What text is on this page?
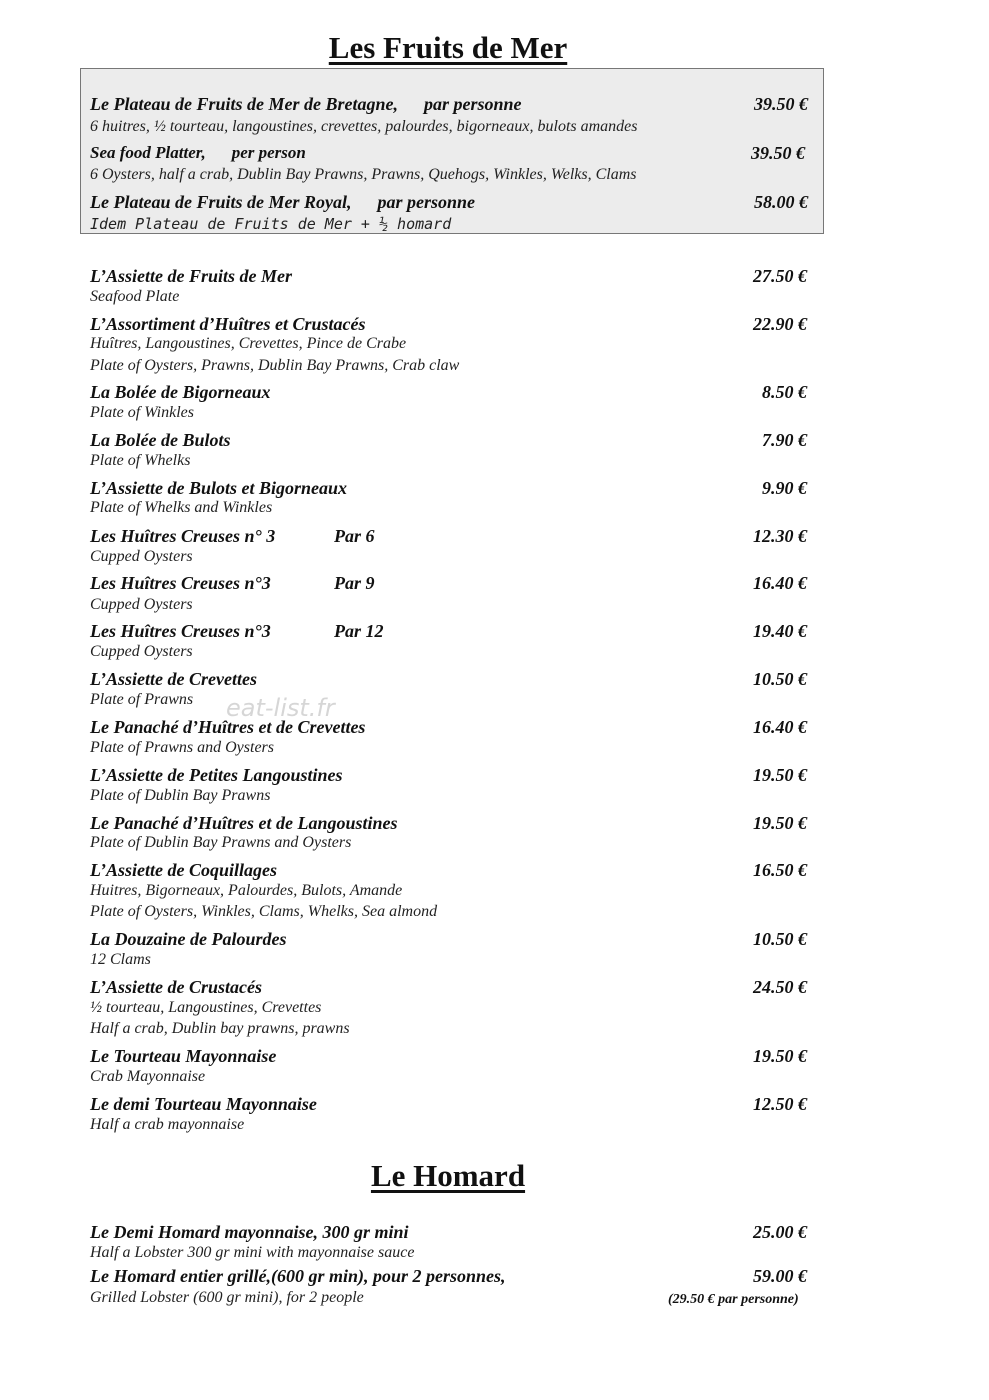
Les Fruits de Mer
Le Plateau de Fruits de Mer de Bretagne, par personne	39.50 €
6 huitres, ½ tourteau, langoustines, crevettes, palourdes, bigorneaux, bulots amandes
Sea food Platter, per person	39.50 €
6 Oysters, half a crab, Dublin Bay Prawns, Prawns, Quehogs, Winkles, Welks, Clams
Le Plateau de Fruits de Mer Royal, par personne	58.00 €
Idem Plateau de Fruits de Mer + ½ homard
L’Assiette de Fruits de Mer	27.50 €
Seafood Plate
L’Assortiment d’Huîtres et Crustacés	22.90 €
Huîtres, Langoustines, Crevettes, Pince de Crabe
Plate of Oysters, Prawns, Dublin Bay Prawns, Crab claw
La Bolée de Bigorneaux	8.50 €
Plate of Winkles
La Bolée de Bulots	7.90 €
Plate of Whelks
L’Assiette de Bulots et Bigorneaux	9.90 €
Plate of Whelks and Winkles
Les Huîtres Creuses n° 3	Par 6	12.30 €
Cupped Oysters
Les Huîtres Creuses n°3	Par 9	16.40 €
Cupped Oysters
Les Huîtres Creuses n°3	Par 12	19.40 €
Cupped Oysters
L’Assiette de Crevettes	10.50 €
Plate of Prawns
Le Panaché d’Huîtres et de Crevettes	16.40 €
Plate of Prawns and Oysters
L’Assiette de Petites Langoustines	19.50 €
Plate of Dublin Bay Prawns
Le Panaché d’Huîtres et de Langoustines	19.50 €
Plate of Dublin Bay Prawns and Oysters
L’Assiette de Coquillages	16.50 €
Huitres, Bigorneaux, Palourdes, Bulots, Amande
Plate of Oysters, Winkles, Clams, Whelks, Sea almond
La Douzaine de Palourdes	10.50 €
12 Clams
L’Assiette de Crustacés	24.50 €
½ tourteau, Langoustines, Crevettes
Half a crab, Dublin bay prawns, prawns
Le Tourteau Mayonnaise	19.50 €
Crab Mayonnaise
Le demi Tourteau Mayonnaise	12.50 €
Half a crab mayonnaise
eat-list.fr
Le Homard
Le Demi Homard mayonnaise, 300 gr mini	25.00 €
Half a Lobster 300 gr mini with mayonnaise sauce
Le Homard entier grillé,(600 gr min), pour 2 personnes,	59.00 €
Grilled Lobster (600 gr mini), for 2 people	(29.50 € par personne)
